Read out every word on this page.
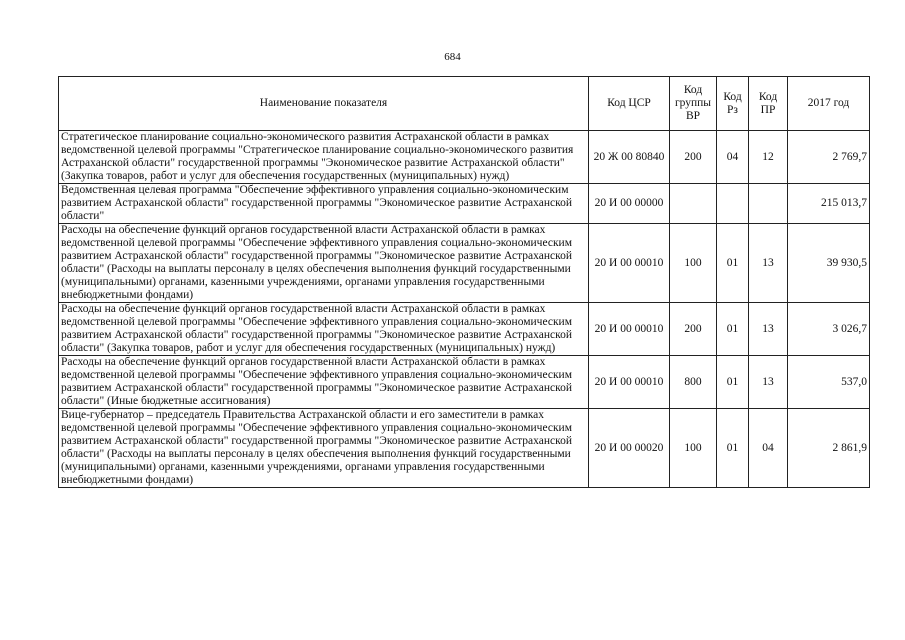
684
Наименование показателя	Код ЦСР	Код группы ВР	Код Рз	Код ПР	2017 год
Стратегическое планирование социально-экономического развития Астраханской области в рамках ведомственной целевой программы "Стратегическое планирование социально-экономического развития Астраханской области" государственной программы "Экономическое развитие Астраханской области" (Закупка товаров, работ и услуг для обеспечения государственных (муниципальных) нужд)	20 Ж 00 80840	200	04	12	2 769,7
Ведомственная целевая программа "Обеспечение эффективного управления социально-экономическим развитием Астраханской области" государственной программы "Экономическое развитие Астраханской области"	20 И 00 00000				215 013,7
Расходы на обеспечение функций органов государственной власти Астраханской области в рамках ведомственной целевой программы "Обеспечение эффективного управления социально-экономическим развитием Астраханской области" государственной программы "Экономическое развитие Астраханской области" (Расходы на выплаты персоналу в целях обеспечения выполнения функций государственными (муниципальными) органами, казенными учреждениями, органами управления государственными внебюджетными фондами)	20 И 00 00010	100	01	13	39 930,5
Расходы на обеспечение функций органов государственной власти Астраханской области в рамках ведомственной целевой программы "Обеспечение эффективного управления социально-экономическим развитием Астраханской области" государственной программы "Экономическое развитие Астраханской области" (Закупка товаров, работ и услуг для обеспечения государственных (муниципальных) нужд)	20 И 00 00010	200	01	13	3 026,7
Расходы на обеспечение функций органов государственной власти Астраханской области в рамках ведомственной целевой программы "Обеспечение эффективного управления социально-экономическим развитием Астраханской области" государственной программы "Экономическое развитие Астраханской области" (Иные бюджетные ассигнования)	20 И 00 00010	800	01	13	537,0
Вице-губернатор – председатель Правительства Астраханской области и его заместители в рамках ведомственной целевой программы "Обеспечение эффективного управления социально-экономическим развитием Астраханской области" государственной программы "Экономическое развитие Астраханской области" (Расходы на выплаты персоналу в целях обеспечения выполнения функций государственными (муниципальными) органами, казенными учреждениями, органами управления государственными внебюджетными фондами)	20 И 00 00020	100	01	04	2 861,9
